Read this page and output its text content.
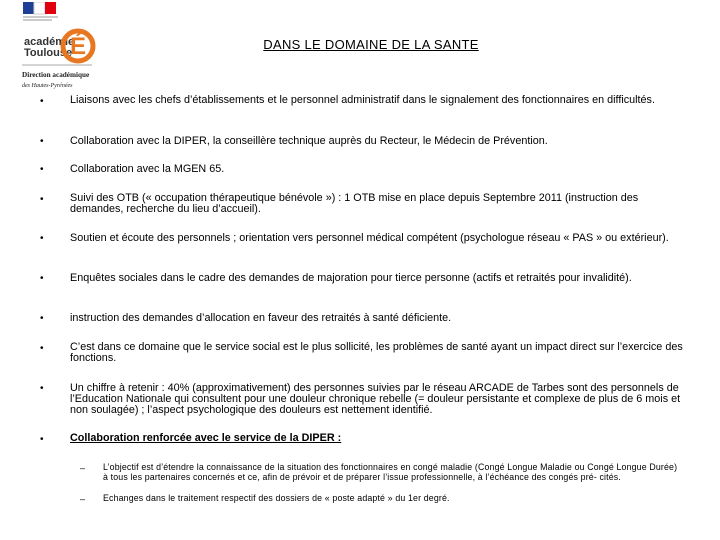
académie
Toulouse
É
Direction académique
des Hautes-Pyrénées
DANS LE DOMAINE DE LA SANTE
• Liaisons avec les chefs d’établissements et le personnel administratif dans le signalement des fonctionnaires en difficultés.
• Collaboration avec la DIPER, la conseillère technique auprès du Recteur, le Médecin de Prévention.
• Collaboration avec la MGEN 65.
• Suivi des OTB (« occupation thérapeutique bénévole ») : 1 OTB mise en place depuis Septembre 2011 (instruction des demandes, recherche du lieu d’accueil).
• Soutien et écoute des personnels ; orientation vers personnel médical compétent (psychologue réseau « PAS » ou extérieur).
• Enquêtes sociales dans le cadre des demandes de majoration pour tierce personne (actifs et retraités pour invalidité).
• instruction des demandes d’allocation en faveur des retraités à santé déficiente.
• C’est dans ce domaine que le service social est le plus sollicité, les problèmes de santé ayant un impact direct sur l’exercice des fonctions.
• Un chiffre à retenir : 40% (approximativement) des personnes suivies par le réseau ARCADE de Tarbes sont des personnels de l’Education Nationale qui consultent pour une douleur chronique rebelle (= douleur persistante et complexe de plus de 6 mois et non soulagée) ; l’aspect psychologique des douleurs est nettement identifié.
• Collaboration renforcée avec le service de la DIPER :
– L’objectif est d’étendre la connaissance de la situation des fonctionnaires en congé maladie (Congé Longue Maladie ou Congé Longue Durée) à tous les partenaires concernés et ce, afin de prévoir et de préparer l’issue professionnelle, à l’échéance des congés pré- cités.
– Echanges dans le traitement respectif des dossiers de « poste adapté » du 1er degré.
